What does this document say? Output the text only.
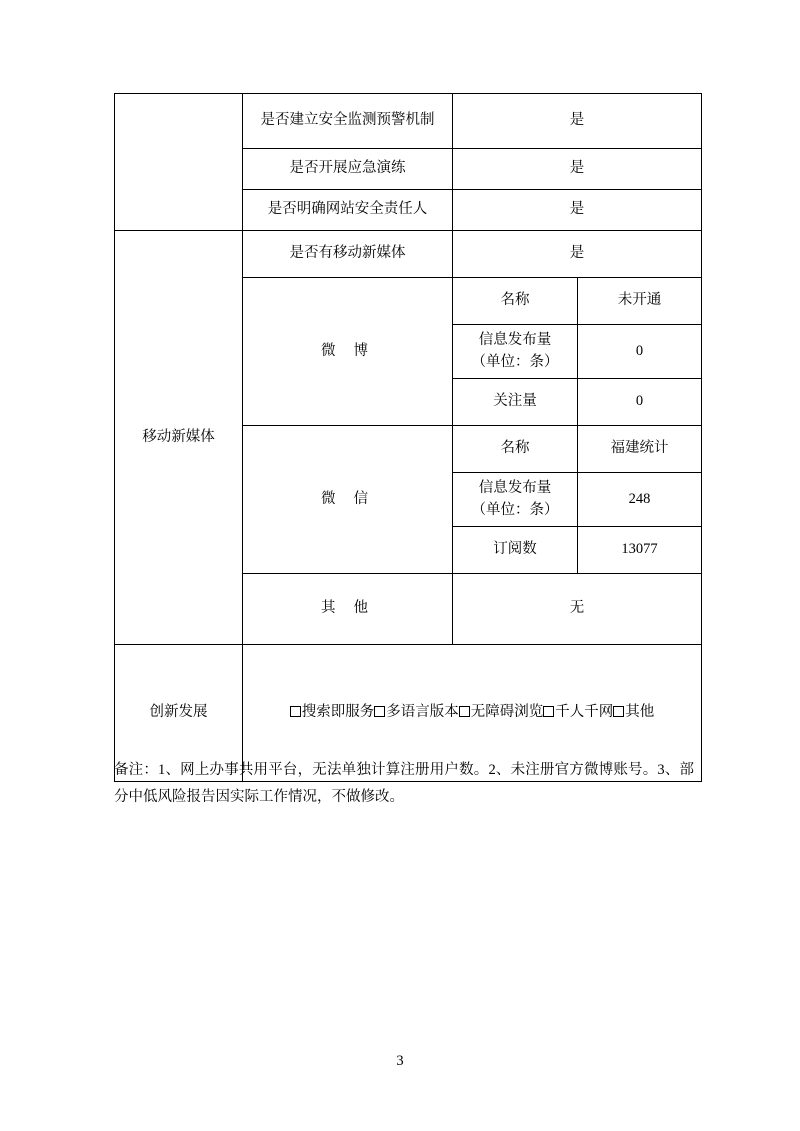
	是否建立安全监测预警机制	是	
	是否开展应急演练	是	
	是否明确网站安全责任人	是	
移动新媒体	是否有移动新媒体	是	
	微 博	名称	未开通

		信息发布量
（单位：条）	0
		关注量	0
	微 信	名称	福建统计

		信息发布量
（单位：条）	248
		订阅数	13077
	其 他	无	
创新发展	搜索即服务 多语言版本 无障碍浏览 千人千网 其他		
备注：1、网上办事共用平台，无法单独计算注册用户数。2、未注册官方微博账号。3、部分中低风险报告因实际工作情况，不做修改。
3
